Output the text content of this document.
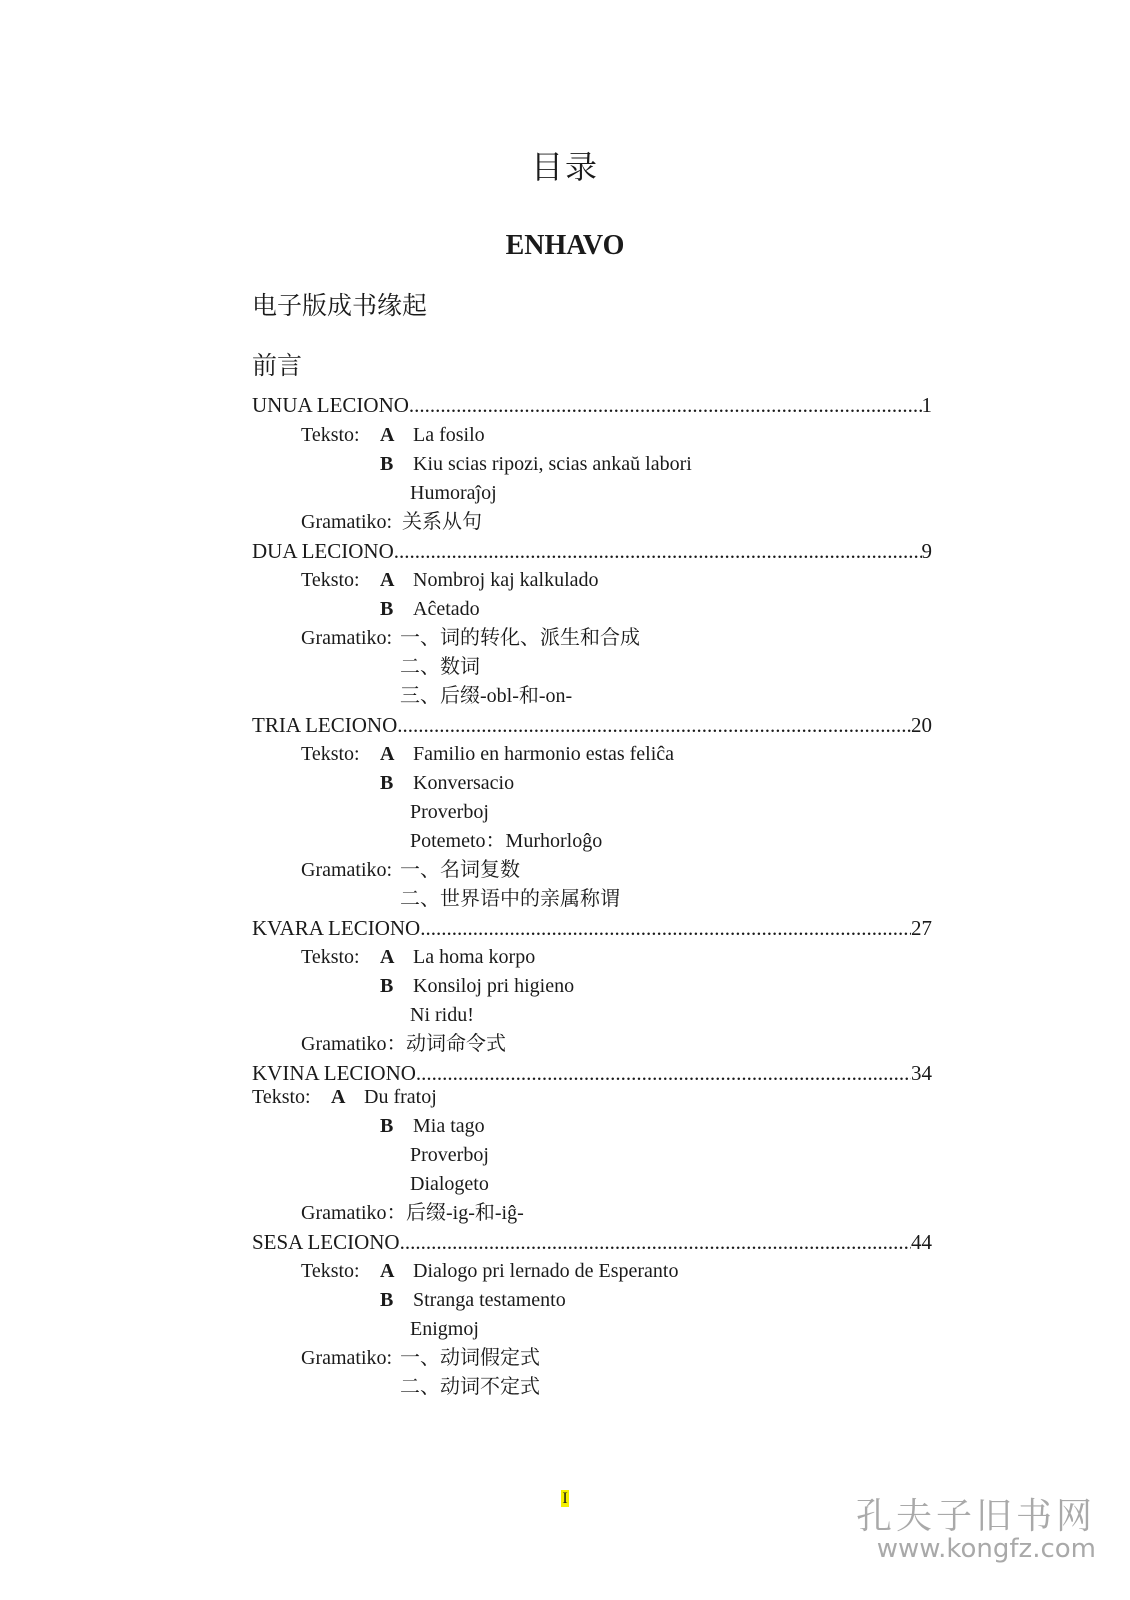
目录
ENHAVO
电子版成书缘起
前言
UNUA LECIONO .....	1
Teksto: A La fosilo
B Kiu scias ripozi, scias ankaŭ labori
Humoraĵoj
Gramatiko: 关系从句
DUA LECIONO .....	9
Teksto: A Nombroj kaj kalkulado
B Aĉetado
Gramatiko: 一、词的转化、派生和合成
二、数词
三、后缀-obl-和-on-
TRIA LECIONO .....	20
Teksto: A Familio en harmonio estas feliĉa
B Konversacio
Proverboj
Potemeto：Murhorloĝo
Gramatiko: 一、名词复数
二、世界语中的亲属称谓
KVARA LECIONO .....	27
Teksto: A La homa korpo
B Konsiloj pri higieno
Ni ridu!
Gramatiko： 动词命令式
KVINA LECIONO .....	34
Teksto: A Du fratoj
B Mia tago
Proverboj
Dialogeto
Gramatiko： 后缀-ig-和-iĝ-
SESA LECIONO .....	44
Teksto: A Dialogo pri lernado de Esperanto
B Stranga testamento
Enigmoj
Gramatiko: 一、动词假定式
二、动词不定式
I	孔夫子旧书网
www.kongfz.com
